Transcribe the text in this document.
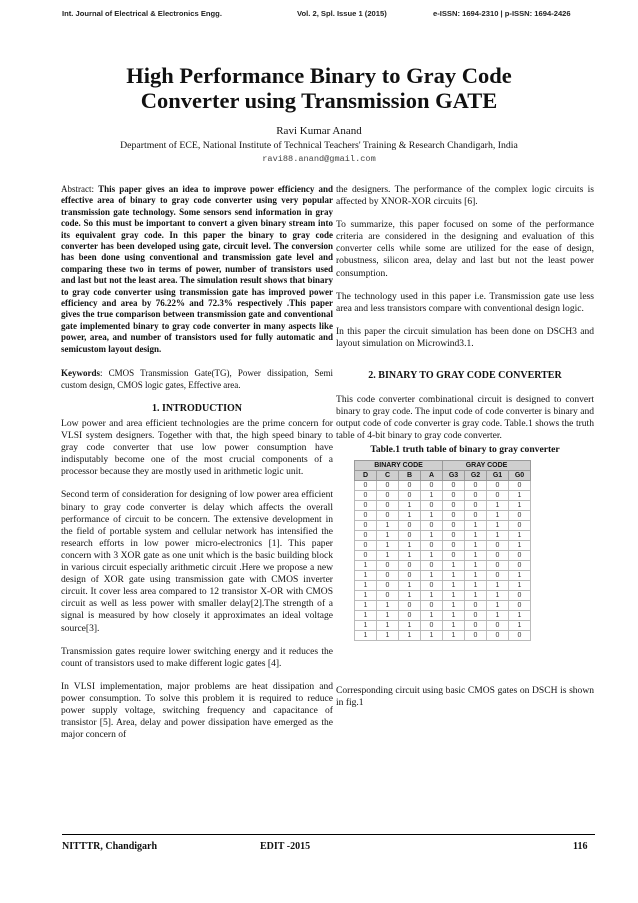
Int. Journal of Electrical & Electronics Engg.	Vol. 2, Spl. Issue 1 (2015)	e-ISSN: 1694-2310 | p-ISSN: 1694-2426
High Performance Binary to Gray Code
Converter using Transmission GATE
Ravi Kumar Anand
Department of ECE, National Institute of Technical Teachers' Training & Research Chandigarh, India
ravi88.anand@gmail.com

Abstract: This paper gives an idea to improve power efficiency and effective area of binary to gray code converter using very popular transmission gate technology. Some sensors send information in gray code. So this must be important to convert a given binary stream into its equivalent gray code. In this paper the binary to gray code converter has been developed using gate, circuit level. The conversion has been done using conventional and transmission gate level and comparing these two in terms of power, number of transistors used and last but not the least area. The simulation result shows that binary to gray code converter using transmission gate has improved power efficiency and area by 76.22% and 72.3% respectively .This paper gives the true comparison between transmission gate and conventional gate implemented binary to gray code converter in many aspects like power, area, and number of transistors used for fully automatic and semicustom layout design.

Keywords: CMOS Transmission Gate(TG), Power dissipation, Semi custom design, CMOS logic gates, Effective area.

1. INTRODUCTION

Low power and area efficient technologies are the prime concern for VLSI system designers. Together with that, the high speed binary to gray code converter that use low power consumption have indisputably become one of the most crucial components of a processor because they are mostly used in arithmetic logic unit.

Second term of consideration for designing of low power area efficient binary to gray code converter is delay which affects the overall performance of circuit to be concern. The extensive development in the field of portable system and cellular network has intensified the research efforts in low power micro-electronics [1]. This paper concern with 3 XOR gate as one unit which is the basic building block in various circuit especially arithmetic circuit .Here we propose a new design of XOR gate using transmission gate with CMOS inverter circuit. It cover less area compared to 12 transistor X-OR with CMOS circuit as well as less power with smaller delay[2].The strength of a signal is measured by how closely it approximates an ideal voltage source[3].

Transmission gates require lower switching energy and it reduces the count of transistors used to make different logic gates [4].

In VLSI implementation, major problems are heat dissipation and power consumption. To solve this problem it is required to reduce power supply voltage, switching frequency and capacitance of transistor [5]. Area, delay and power dissipation have emerged as the major concern of

the designers. The performance of the complex logic circuits is affected by XNOR-XOR circuits [6].

To summarize, this paper focused on some of the performance criteria are considered in the designing and evaluation of this converter cells while some are utilized for the ease of design, robustness, silicon area, delay and last but not the least power consumption.

The technology used in this paper i.e. Transmission gate use less area and less transistors compare with conventional design logic.

In this paper the circuit simulation has been done on DSCH3 and layout simulation on Microwind3.1.

2. BINARY TO GRAY CODE CONVERTER

This code converter combinational circuit is designed to convert binary to gray code. The input code of code converter is binary and output code of code converter is gray code. Table.1 shows the truth table of 4-bit binary to gray code converter.

Table.1 truth table of binary to gray converter
BINARY CODE				GRAY CODE			
D	C	B	A	G3	G2	G1	G0
0	0	0	0	0	0	0	0
0	0	0	1	0	0	0	1
0	0	1	0	0	0	1	1
0	0	1	1	0	0	1	0
0	1	0	0	0	1	1	0
0	1	0	1	0	1	1	1
0	1	1	0	0	1	0	1
0	1	1	1	0	1	0	0
1	0	0	0	1	1	0	0
1	0	0	1	1	1	0	1
1	0	1	0	1	1	1	1
1	0	1	1	1	1	1	0
1	1	0	0	1	0	1	0
1	1	0	1	1	0	1	1
1	1	1	0	1	0	0	1
1	1	1	1	1	0	0	0

Corresponding circuit using basic CMOS gates on DSCH is shown in fig.1

NITTTR, Chandigarh	EDIT -2015	116
